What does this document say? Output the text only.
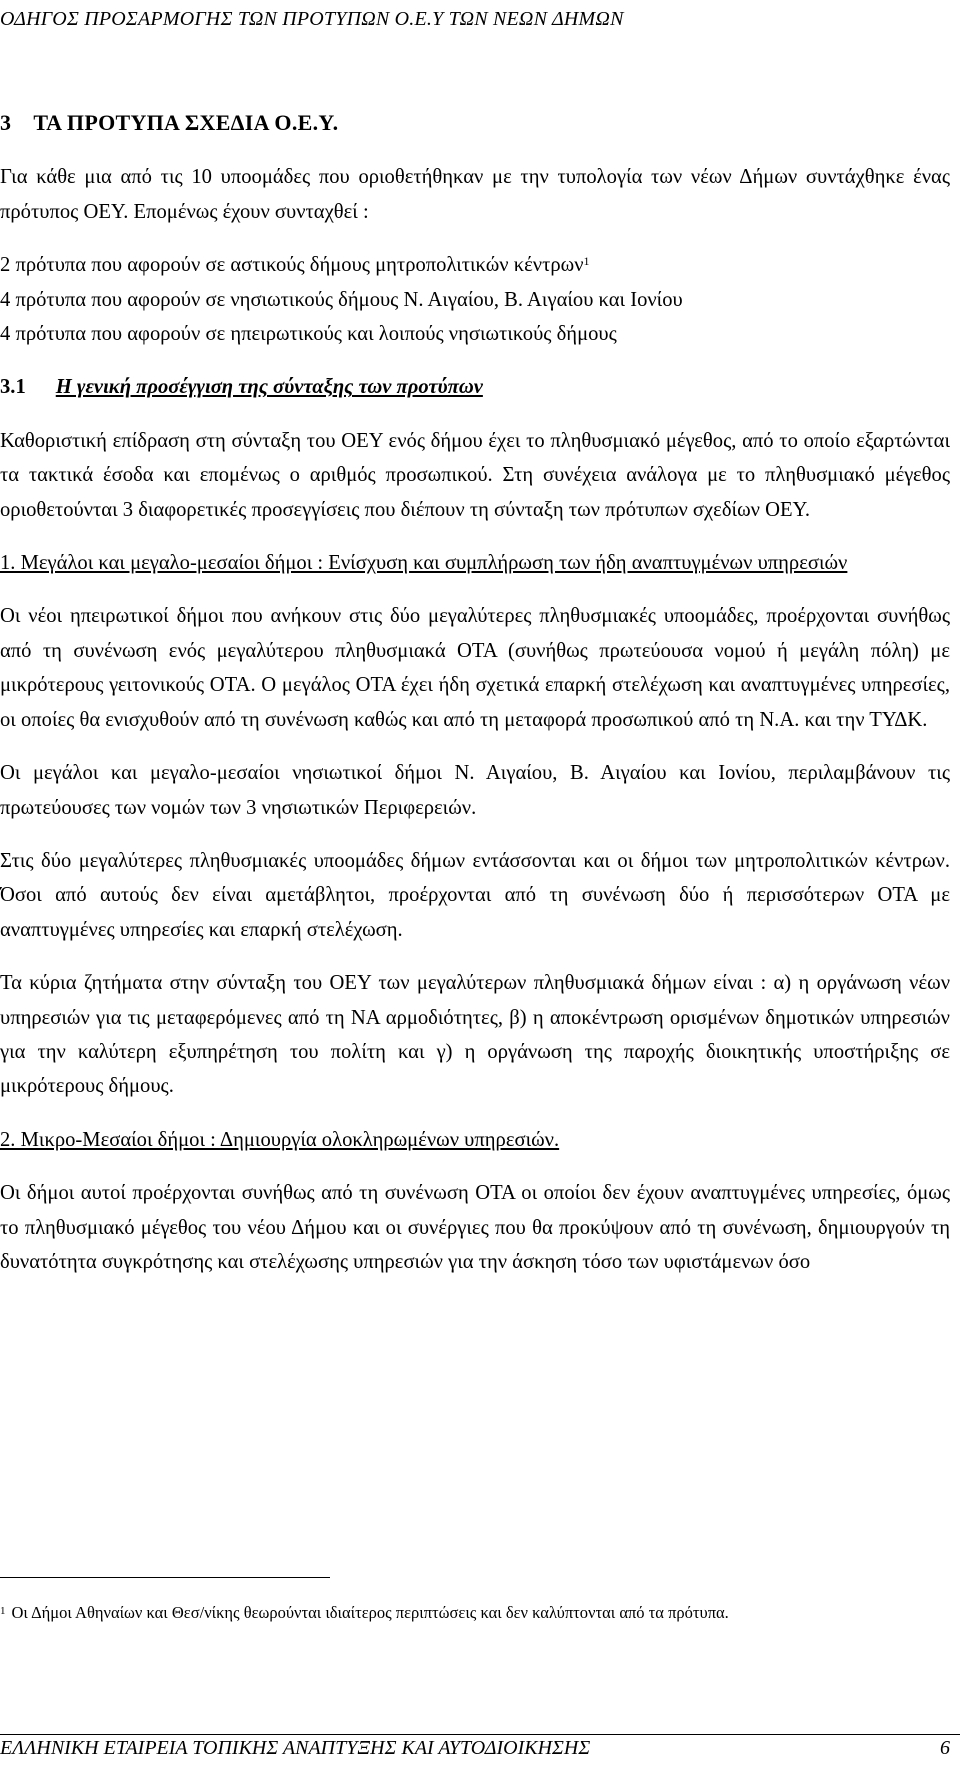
ΟΔΗΓΟΣ ΠΡΟΣΑΡΜΟΓΗΣ ΤΩΝ ΠΡΟΤΥΠΩΝ Ο.Ε.Υ ΤΩΝ ΝΕΩΝ ΔΗΜΩΝ
3 ΤΑ ΠΡΟΤΥΠΑ ΣΧΕΔΙΑ Ο.Ε.Υ.

Για κάθε μια από τις 10 υποομάδες που οριοθετήθηκαν με την τυπολογία των νέων Δήμων συντάχθηκε ένας πρότυπος ΟΕΥ. Επομένως έχουν συνταχθεί :

2 πρότυπα που αφορούν σε αστικούς δήμους μητροπολιτικών κέντρων$^1$

4 πρότυπα που αφορούν σε νησιωτικούς δήμους Ν. Αιγαίου, Β. Αιγαίου και Ιονίου

4 πρότυπα που αφορούν σε ηπειρωτικούς και λοιπούς νησιωτικούς δήμους

3.1 Η γενική προσέγγιση της σύνταξης των προτύπων

Καθοριστική επίδραση στη σύνταξη του ΟΕΥ ενός δήμου έχει το πληθυσμιακό μέγεθος, από το οποίο εξαρτώνται τα τακτικά έσοδα και επομένως ο αριθμός προσωπικού. Στη συνέχεια ανάλογα με το πληθυσμιακό μέγεθος οριοθετούνται 3 διαφορετικές προσεγγίσεις που διέπουν τη σύνταξη των πρότυπων σχεδίων ΟΕΥ.

1. Μεγάλοι και μεγαλο-μεσαίοι δήμοι : Ενίσχυση και συμπλήρωση των ήδη αναπτυγμένων υπηρεσιών

Οι νέοι ηπειρωτικοί δήμοι που ανήκουν στις δύο μεγαλύτερες πληθυσμιακές υποομάδες, προέρχονται συνήθως από τη συνένωση ενός μεγαλύτερου πληθυσμιακά ΟΤΑ (συνήθως πρωτεύουσα νομού ή μεγάλη πόλη) με μικρότερους γειτονικούς ΟΤΑ. Ο μεγάλος ΟΤΑ έχει ήδη σχετικά επαρκή στελέχωση και αναπτυγμένες υπηρεσίες, οι οποίες θα ενισχυθούν από τη συνένωση καθώς και από τη μεταφορά προσωπικού από τη Ν.Α. και την ΤΥΔΚ.

Οι μεγάλοι και μεγαλο-μεσαίοι νησιωτικοί δήμοι Ν. Αιγαίου, Β. Αιγαίου και Ιονίου, περιλαμβάνουν τις πρωτεύουσες των νομών των 3 νησιωτικών Περιφερειών.

Στις δύο μεγαλύτερες πληθυσμιακές υποομάδες δήμων εντάσσονται και οι δήμοι των μητροπολιτικών κέντρων. Όσοι από αυτούς δεν είναι αμετάβλητοι, προέρχονται από τη συνένωση δύο ή περισσότερων ΟΤΑ με αναπτυγμένες υπηρεσίες και επαρκή στελέχωση.

Τα κύρια ζητήματα στην σύνταξη του ΟΕΥ των μεγαλύτερων πληθυσμιακά δήμων είναι : α) η οργάνωση νέων υπηρεσιών για τις μεταφερόμενες από τη ΝΑ αρμοδιότητες, β) η αποκέντρωση ορισμένων δημοτικών υπηρεσιών για την καλύτερη εξυπηρέτηση του πολίτη και γ) η οργάνωση της παροχής διοικητικής υποστήριξης σε μικρότερους δήμους.

2. Μικρο-Μεσαίοι δήμοι : Δημιουργία ολοκληρωμένων υπηρεσιών.

Οι δήμοι αυτοί προέρχονται συνήθως από τη συνένωση ΟΤΑ οι οποίοι δεν έχουν αναπτυγμένες υπηρεσίες, όμως το πληθυσμιακό μέγεθος του νέου Δήμου και οι συνέργιες που θα προκύψουν από τη συνένωση, δημιουργούν τη δυνατότητα συγκρότησης και στελέχωσης υπηρεσιών για την άσκηση τόσο των υφιστάμενων όσο

$^1$ Οι Δήμοι Αθηναίων και Θεσ/νίκης θεωρούνται ιδιαίτερος περιπτώσεις και δεν καλύπτονται από τα πρότυπα.
ΕΛΛΗΝΙΚΗ ΕΤΑΙΡΕΙΑ ΤΟΠΙΚΗΣ ΑΝΑΠΤΥΞΗΣ ΚΑΙ ΑΥΤΟΔΙΟΙΚΗΣΗΣ	6
